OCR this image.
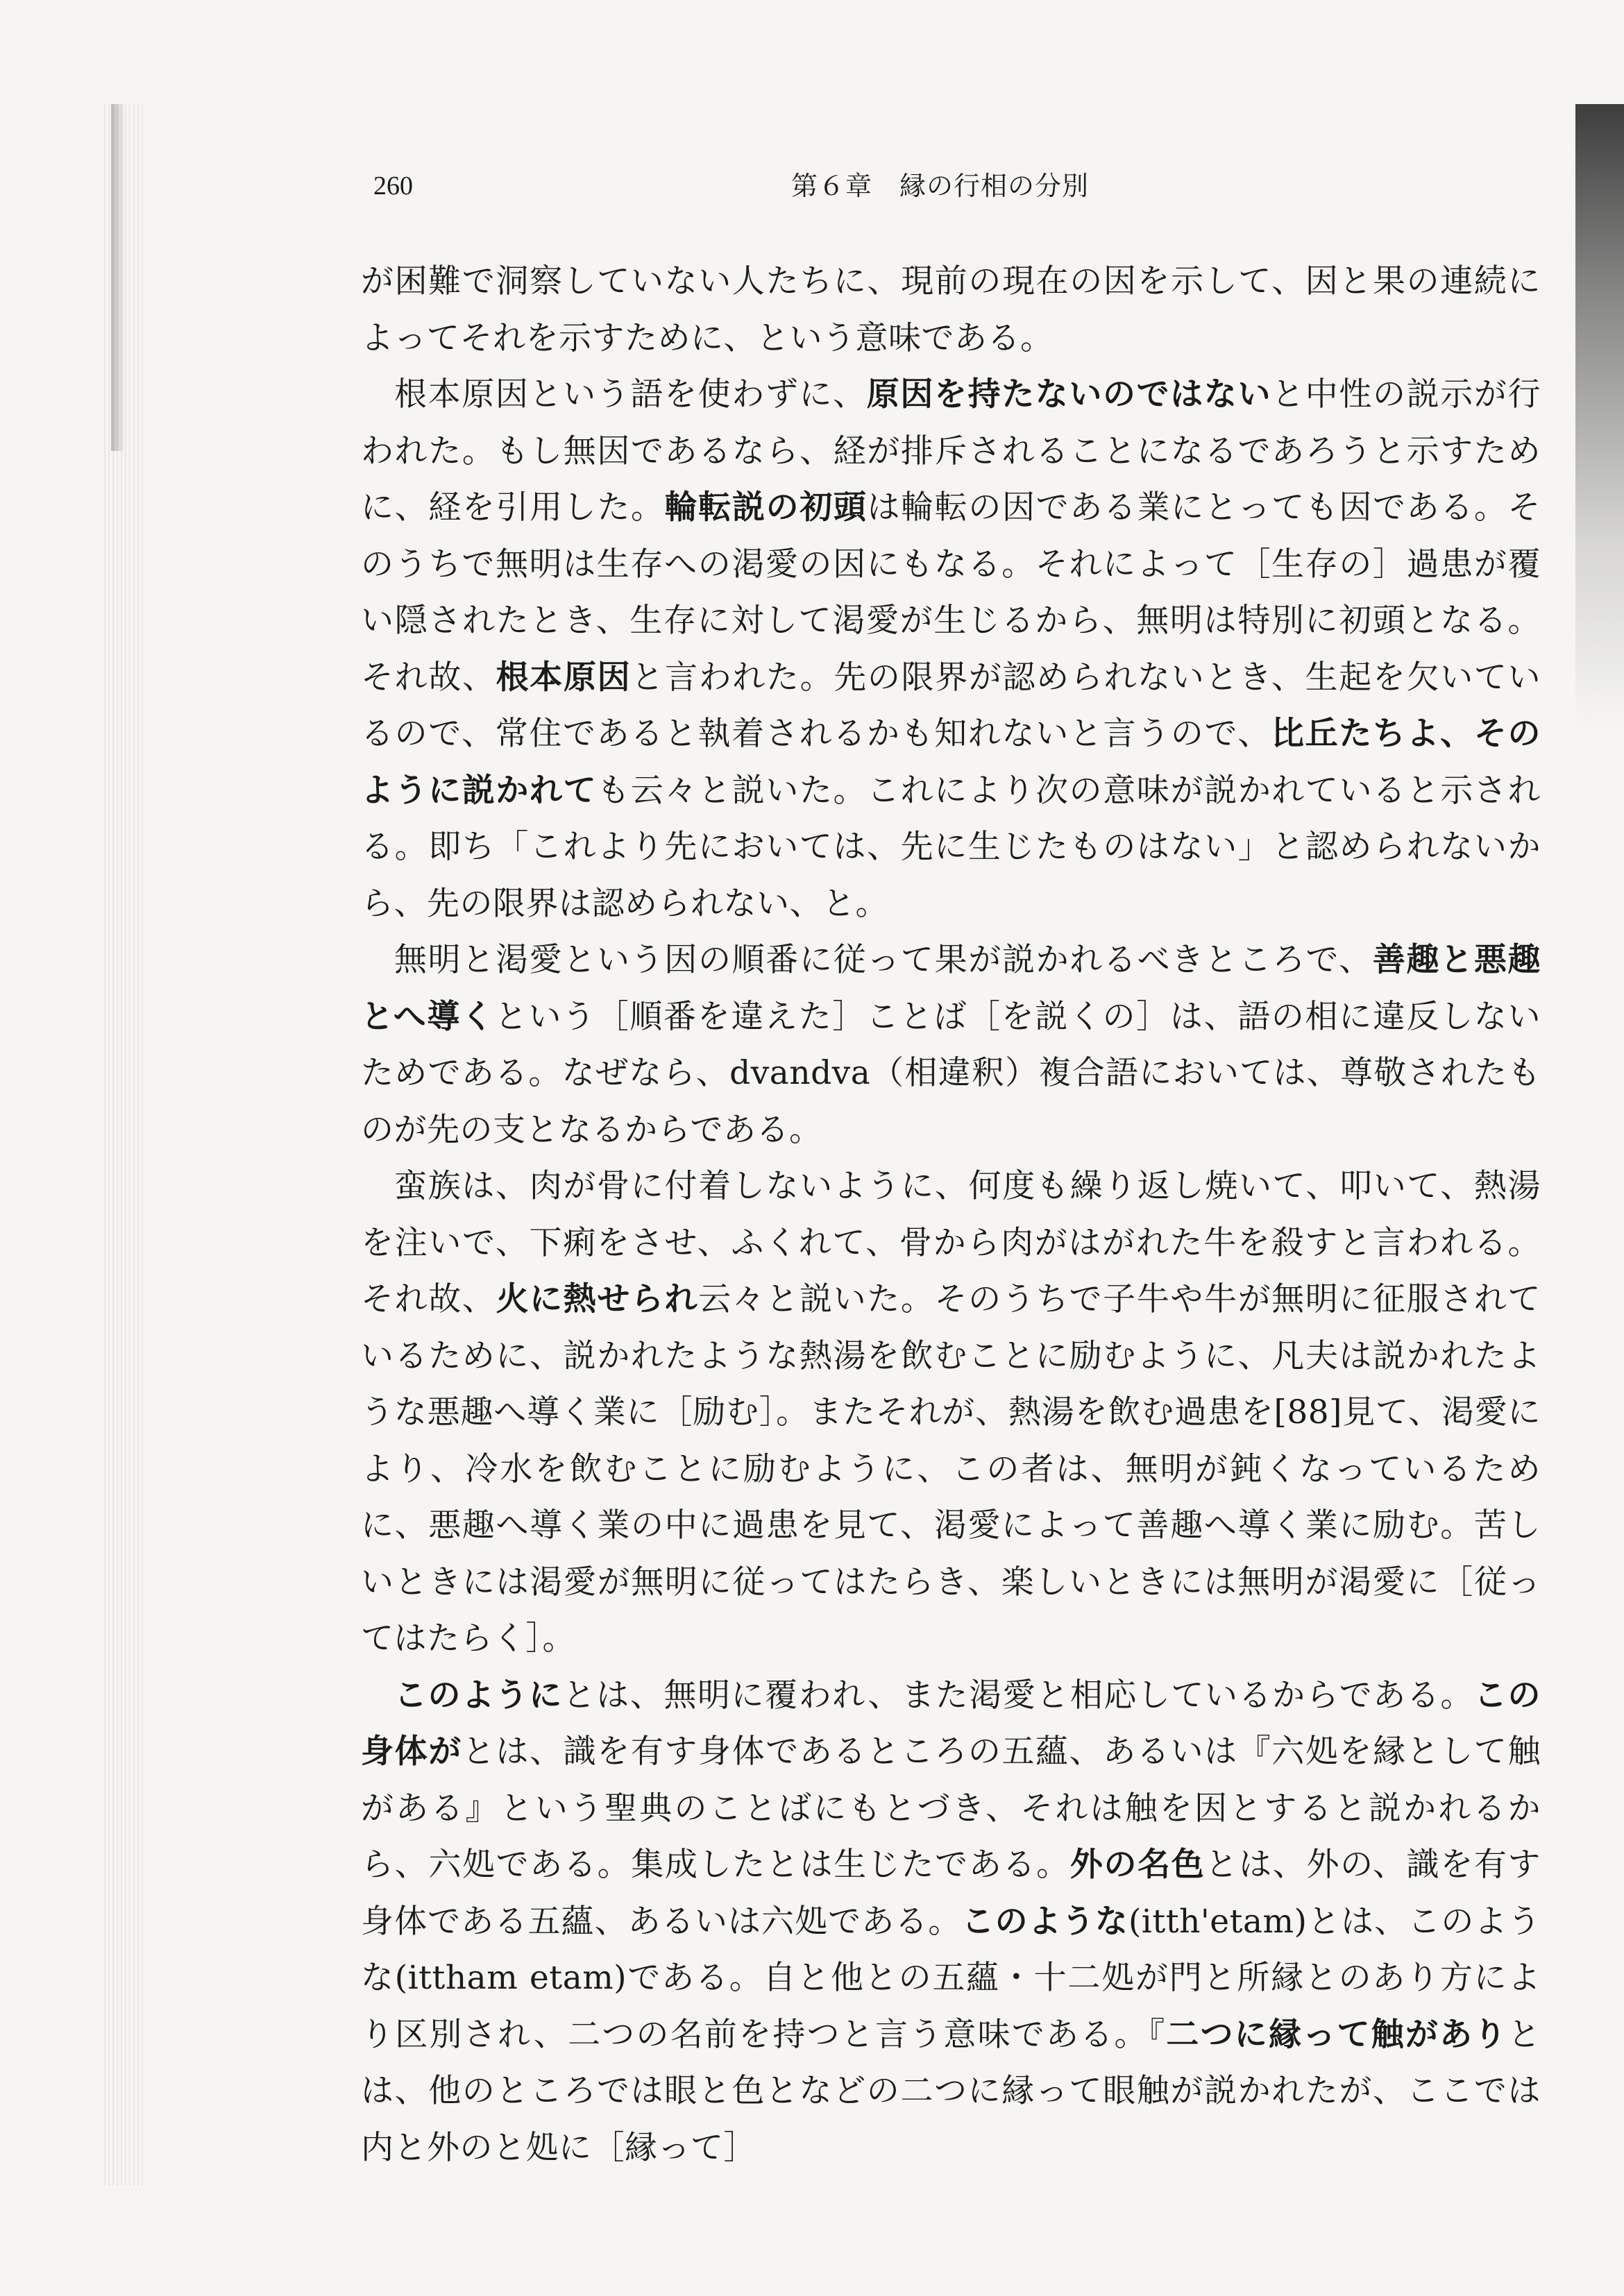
260	第６章　縁の行相の分別

が困難で洞察していない人たちに、現前の現在の因を示して、因と果の連続によってそれを示すために、という意味である。

根本原因という語を使わずに、原因を持たないのではないと中性の説示が行われた。もし無因であるなら、経が排斥されることになるであろうと示すために、経を引用した。輪転説の初頭は輪転の因である業にとっても因である。そのうちで無明は生存への渇愛の因にもなる。それによって［生存の］過患が覆い隠されたとき、生存に対して渇愛が生じるから、無明は特別に初頭となる。それ故、根本原因と言われた。先の限界が認められないとき、生起を欠いているので、常住であると執着されるかも知れないと言うので、比丘たちよ、そのように説かれても云々と説いた。これにより次の意味が説かれていると示される。即ち「これより先においては、先に生じたものはない」と認められないから、先の限界は認められない、と。

無明と渇愛という因の順番に従って果が説かれるべきところで、善趣と悪趣とへ導くという［順番を違えた］ことば［を説くの］は、語の相に違反しないためである。なぜなら、dvandva（相違釈）複合語においては、尊敬されたものが先の支となるからである。

蛮族は、肉が骨に付着しないように、何度も繰り返し焼いて、叩いて、熱湯を注いで、下痢をさせ、ふくれて、骨から肉がはがれた牛を殺すと言われる。それ故、火に熱せられ云々と説いた。そのうちで子牛や牛が無明に征服されているために、説かれたような熱湯を飲むことに励むように、凡夫は説かれたような悪趣へ導く業に［励む］。またそれが、熱湯を飲む過患を[88]見て、渇愛により、冷水を飲むことに励むように、この者は、無明が鈍くなっているために、悪趣へ導く業の中に過患を見て、渇愛によって善趣へ導く業に励む。苦しいときには渇愛が無明に従ってはたらき、楽しいときには無明が渇愛に［従ってはたらく］。

このようにとは、無明に覆われ、また渇愛と相応しているからである。この身体がとは、識を有す身体であるところの五蘊、あるいは『六処を縁として触がある』という聖典のことばにもとづき、それは触を因とすると説かれるから、六処である。集成したとは生じたである。外の名色とは、外の、識を有す身体である五蘊、あるいは六処である。このような(itth'etam)とは、このような(ittham etam)である。自と他との五蘊・十二処が門と所縁とのあり方により区別され、二つの名前を持つと言う意味である。『二つに縁って触がありとは、他のところでは眼と色となどの二つに縁って眼触が説かれたが、ここでは内と外のと処に［縁って］
